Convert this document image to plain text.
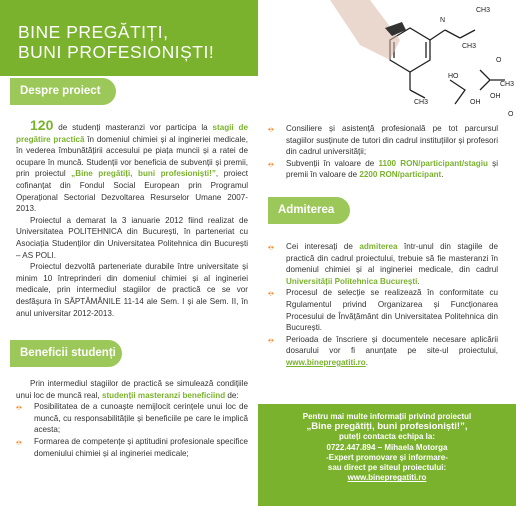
BINE PREGĂTIȚI,
BUNI PROFESIONIȘTI!
CH3
N
CH3
CH3
O
HO
OH
OH
CH3
O
Despre proiect

120 de studenți masteranzi vor participa la stagii de pregătire practică în domeniul chimiei și al ingineriei medicale, în vederea îmbunătățirii accesului pe piața muncii și a ratei de ocupare în muncă. Studenții vor beneficia de subvenții și premii, prin proiectul „Bine pregătiți, buni profesioniști!”, proiect cofinanțat din Fondul Social European prin Programul Operațional Sectorial Dezvoltarea Resurselor Umane 2007-2013.

Proiectul a demarat la 3 ianuarie 2012 fiind realizat de Universitatea POLITEHNICA din București, în parteneriat cu Asociația Studenților din Universitatea Politehnica din București – AS POLI.

Proiectul dezvoltă parteneriate durabile între universitate și minim 10 întreprinderi din domeniul chimiei și al ingineriei medicale, prin intermediul stagiilor de practică ce se vor desfășura în SĂPTĂMÂNILE 11-14 ale Sem. I și ale Sem. II, în anul universitar 2012-2013.

Beneficii studenți

Prin intermediul stagiilor de practică se simulează condițiile unui loc de muncă real, studenții masteranzi beneficiind de:

•:• Posibilitatea de a cunoaște nemijlocit cerințele unui loc de muncă, cu responsabilitățile și beneficiile pe care le implică acesta;

•:• Formarea de competențe și aptitudini profesionale specifice domeniului chimiei și al ingineriei medicale;

•:• Consiliere și asistență profesională pe tot parcursul stagiilor susținute de tutori din cadrul instituțiilor și profesori din cadrul universității;

•:• Subvenții în valoare de 1100 RON/participant/stagiu și premii în valoare de 2200 RON/participant.

Admiterea

•:• Cei interesați de admiterea într-unul din stagiile de practică din cadrul proiectului, trebuie să fie masteranzi în domeniul chimiei și al ingineriei medicale, din cadrul Universității Politehnica București.

•:• Procesul de selecție se realizează în conformitate cu Rgulamentul privind Organizarea și Funcționarea Procesului de Învățământ din Universitatea Politehnica din București.

•:• Perioada de înscriere și documentele necesare aplicării dosarului vor fi anunțate pe site-ul proiectului, www.binepregatiti.ro.

Pentru mai multe informații privind proiectul
„Bine pregătiți, buni profesioniști!”,
puteți contacta echipa la:
0722.447.894 – Mihaela Motorga
-Expert promovare și informare-
sau direct pe siteul proiectului:
www.binepregatiti.ro
